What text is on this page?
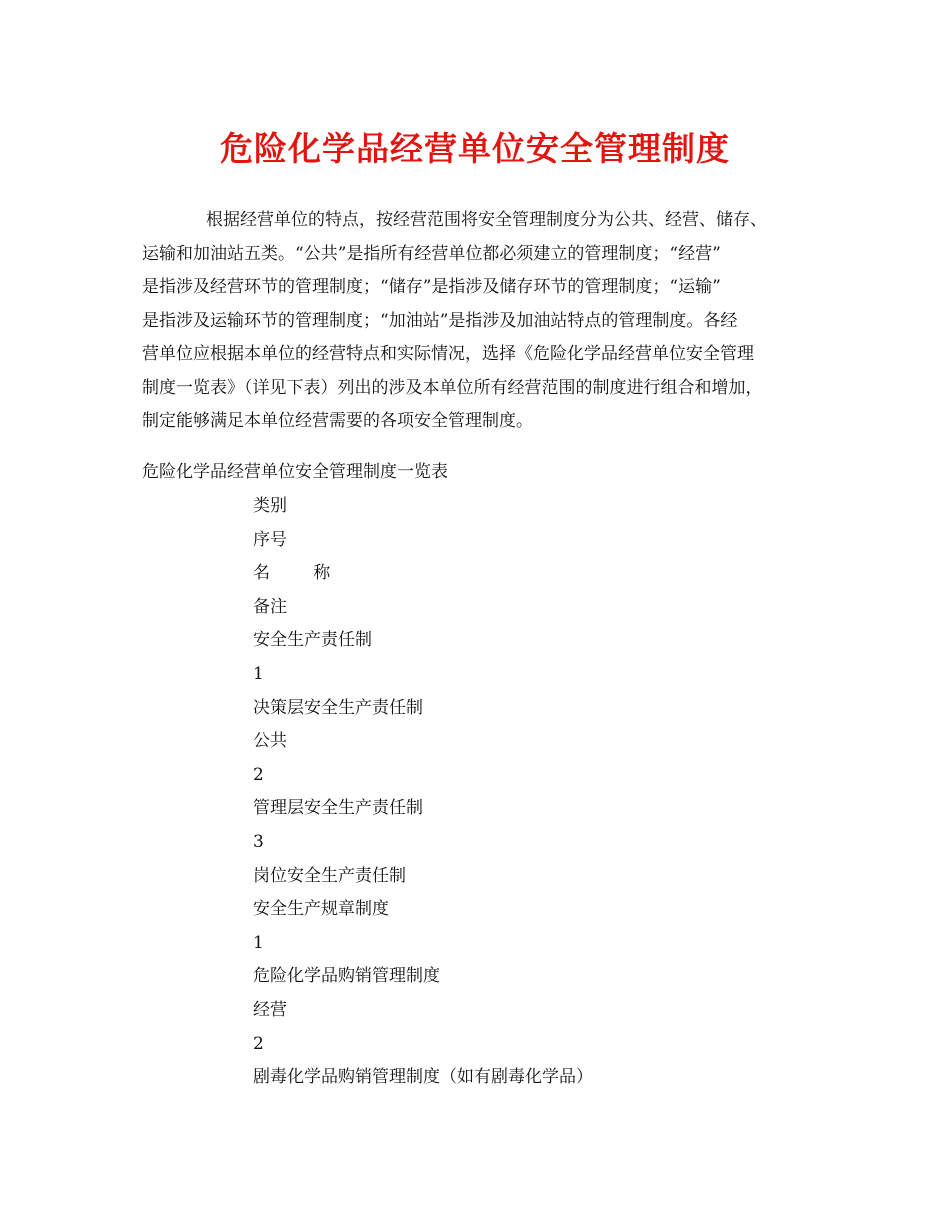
危险化学品经营单位安全管理制度
根据经营单位的特点，按经营范围将安全管理制度分为公共、经营、储存、
运输和加油站五类。“公共”是指所有经营单位都必须建立的管理制度；“经营”
是指涉及经营环节的管理制度；“储存”是指涉及储存环节的管理制度；“运输”
是指涉及运输环节的管理制度；“加油站”是指涉及加油站特点的管理制度。各经
营单位应根据本单位的经营特点和实际情况，选择《危险化学品经营单位安全管理
制度一览表》（详见下表）列出的涉及本单位所有经营范围的制度进行组合和增加，
制定能够满足本单位经营需要的各项安全管理制度。
危险化学品经营单位安全管理制度一览表
类别
序号
名        称
备注
安全生产责任制
1
决策层安全生产责任制
公共
2
管理层安全生产责任制
3
岗位安全生产责任制
安全生产规章制度
1
危险化学品购销管理制度
经营
2
剧毒化学品购销管理制度（如有剧毒化学品）
